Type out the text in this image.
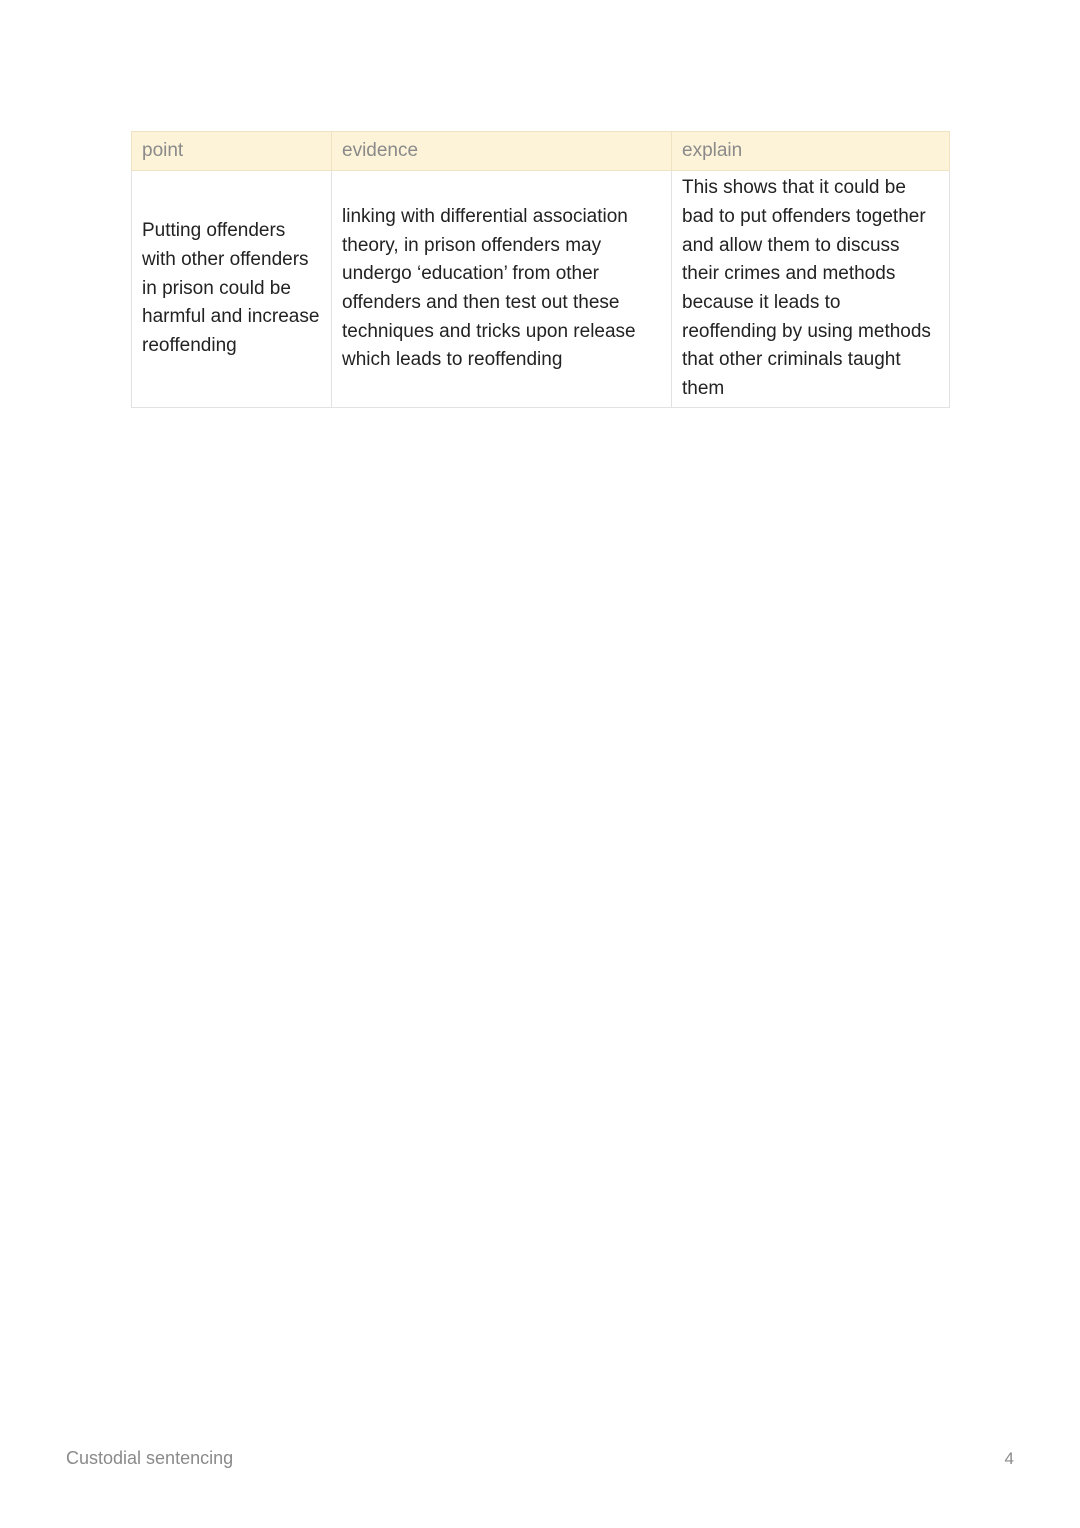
point	evidence	explain
Putting offenders with other offenders in prison could be harmful and increase reoffending	linking with differential association theory, in prison offenders may undergo ‘education’ from other offenders and then test out these techniques and tricks upon release which leads to reoffending	This shows that it could be bad to put offenders together and allow them to discuss their crimes and methods because it leads to reoffending by using methods that other criminals taught them
Custodial sentencing	4
